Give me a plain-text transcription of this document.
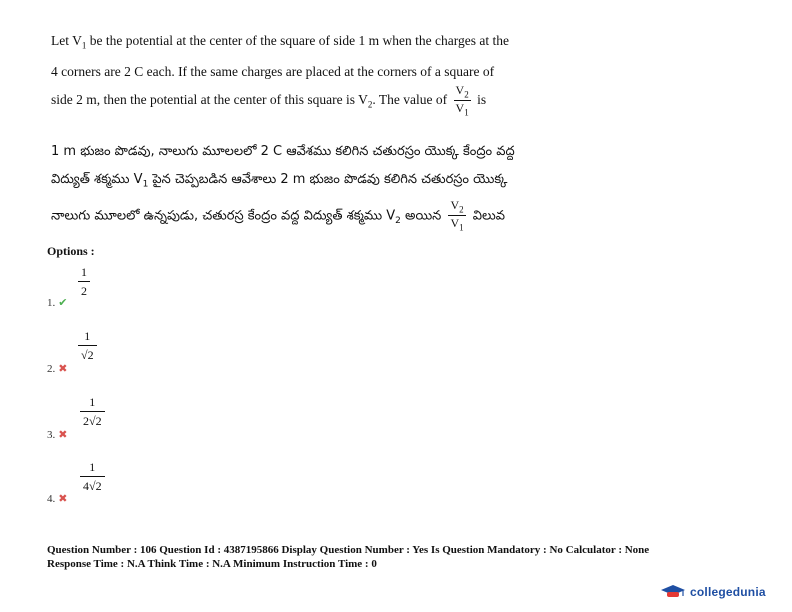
Let $V_1$ be the potential at the center of the square of side 1 m when the charges at the
4 corners are 2 C each. If the same charges are placed at the corners of a square of
side 2 m, then the potential at the center of this square is $V_2$. The value of $\frac{V_2}{V_1}$ is
1 m భుజం పొడవు, నాలుగు మూలలలో 2 C ఆవేశము కలిగిన చతురస్రం యొక్క కేంద్రం వద్ద
విద్యుత్ శక్మము $V_1$ పైన చెప్పబడిన ఆవేశాలు 2 m భుజం పొడవు కలిగిన చతురస్రం యొక్క
నాలుగు మూలలో ఉన్నపుడు, చతురస్ర కేంద్రం వద్ద విద్యుత్ శక్మము $V_2$ అయిన $\frac{V_2}{V_1}$ విలువ
Options :
1
2
1. ✔
1
√2
2. ✖
1
2√2
3. ✖
1
4√2
4. ✖
Question Number : 106 Question Id : 4387195866 Display Question Number : Yes Is Question Mandatory : No Calculator : None
Response Time : N.A Think Time : N.A Minimum Instruction Time : 0
collegedunia
